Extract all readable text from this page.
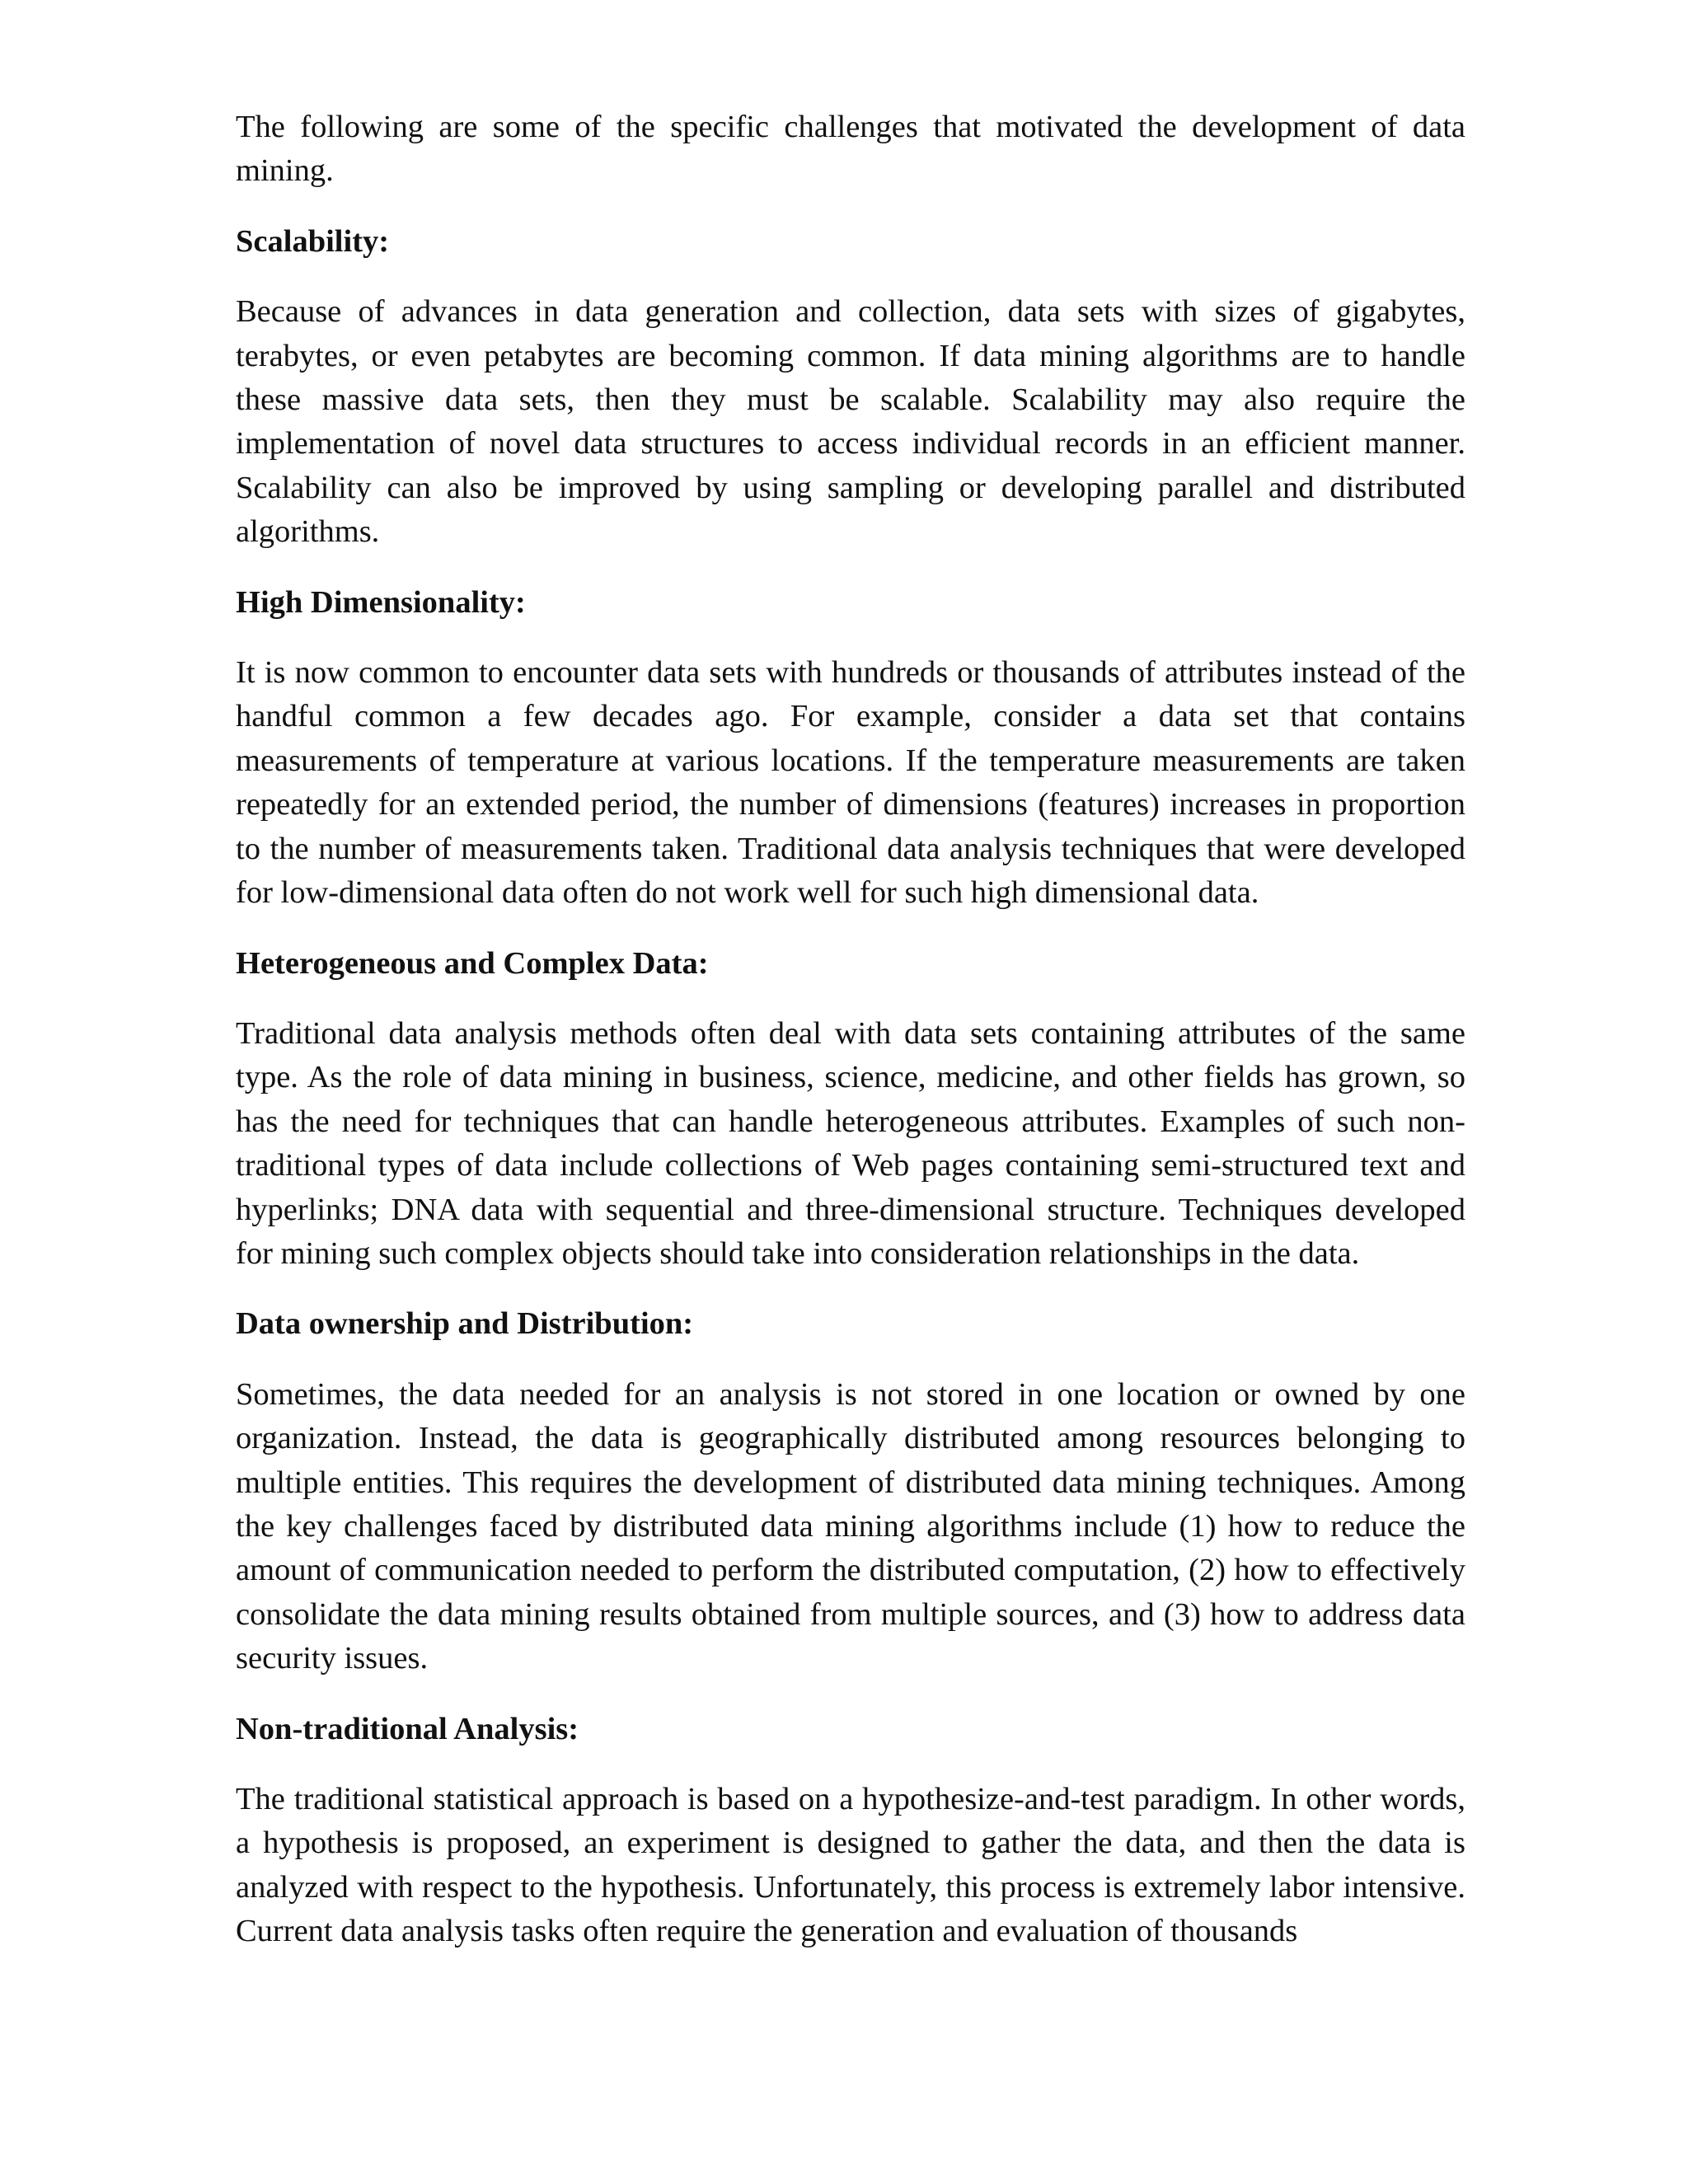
The following are some of the specific challenges that motivated the development of data mining.

Scalability:

Because of advances in data generation and collection, data sets with sizes of gigabytes, terabytes, or even petabytes are becoming common. If data mining algorithms are to handle these massive data sets, then they must be scalable. Scalability may also require the implementation of novel data structures to access individual records in an efficient manner. Scalability can also be improved by using sampling or developing parallel and distributed algorithms.

High Dimensionality:

It is now common to encounter data sets with hundreds or thousands of attributes instead of the handful common a few decades ago. For example, consider a data set that contains measurements of temperature at various locations. If the temperature measurements are taken repeatedly for an extended period, the number of dimensions (features) increases in proportion to the number of measurements taken. Traditional data analysis techniques that were developed for low-dimensional data often do not work well for such high dimensional data.

Heterogeneous and Complex Data:

Traditional data analysis methods often deal with data sets containing attributes of the same type. As the role of data mining in business, science, medicine, and other fields has grown, so has the need for techniques that can handle heterogeneous attributes. Examples of such non-traditional types of data include collections of Web pages containing semi-structured text and hyperlinks; DNA data with sequential and three-dimensional structure. Techniques developed for mining such complex objects should take into consideration relationships in the data.

Data ownership and Distribution:

Sometimes, the data needed for an analysis is not stored in one location or owned by one organization. Instead, the data is geographically distributed among resources belonging to multiple entities. This requires the development of distributed data mining techniques. Among the key challenges faced by distributed data mining algorithms include (1) how to reduce the amount of communication needed to perform the distributed computation, (2) how to effectively consolidate the data mining results obtained from multiple sources, and (3) how to address data security issues.

Non-traditional Analysis:

The traditional statistical approach is based on a hypothesize-and-test paradigm. In other words, a hypothesis is proposed, an experiment is designed to gather the data, and then the data is analyzed with respect to the hypothesis. Unfortunately, this process is extremely labor intensive. Current data analysis tasks often require the generation and evaluation of thousands
